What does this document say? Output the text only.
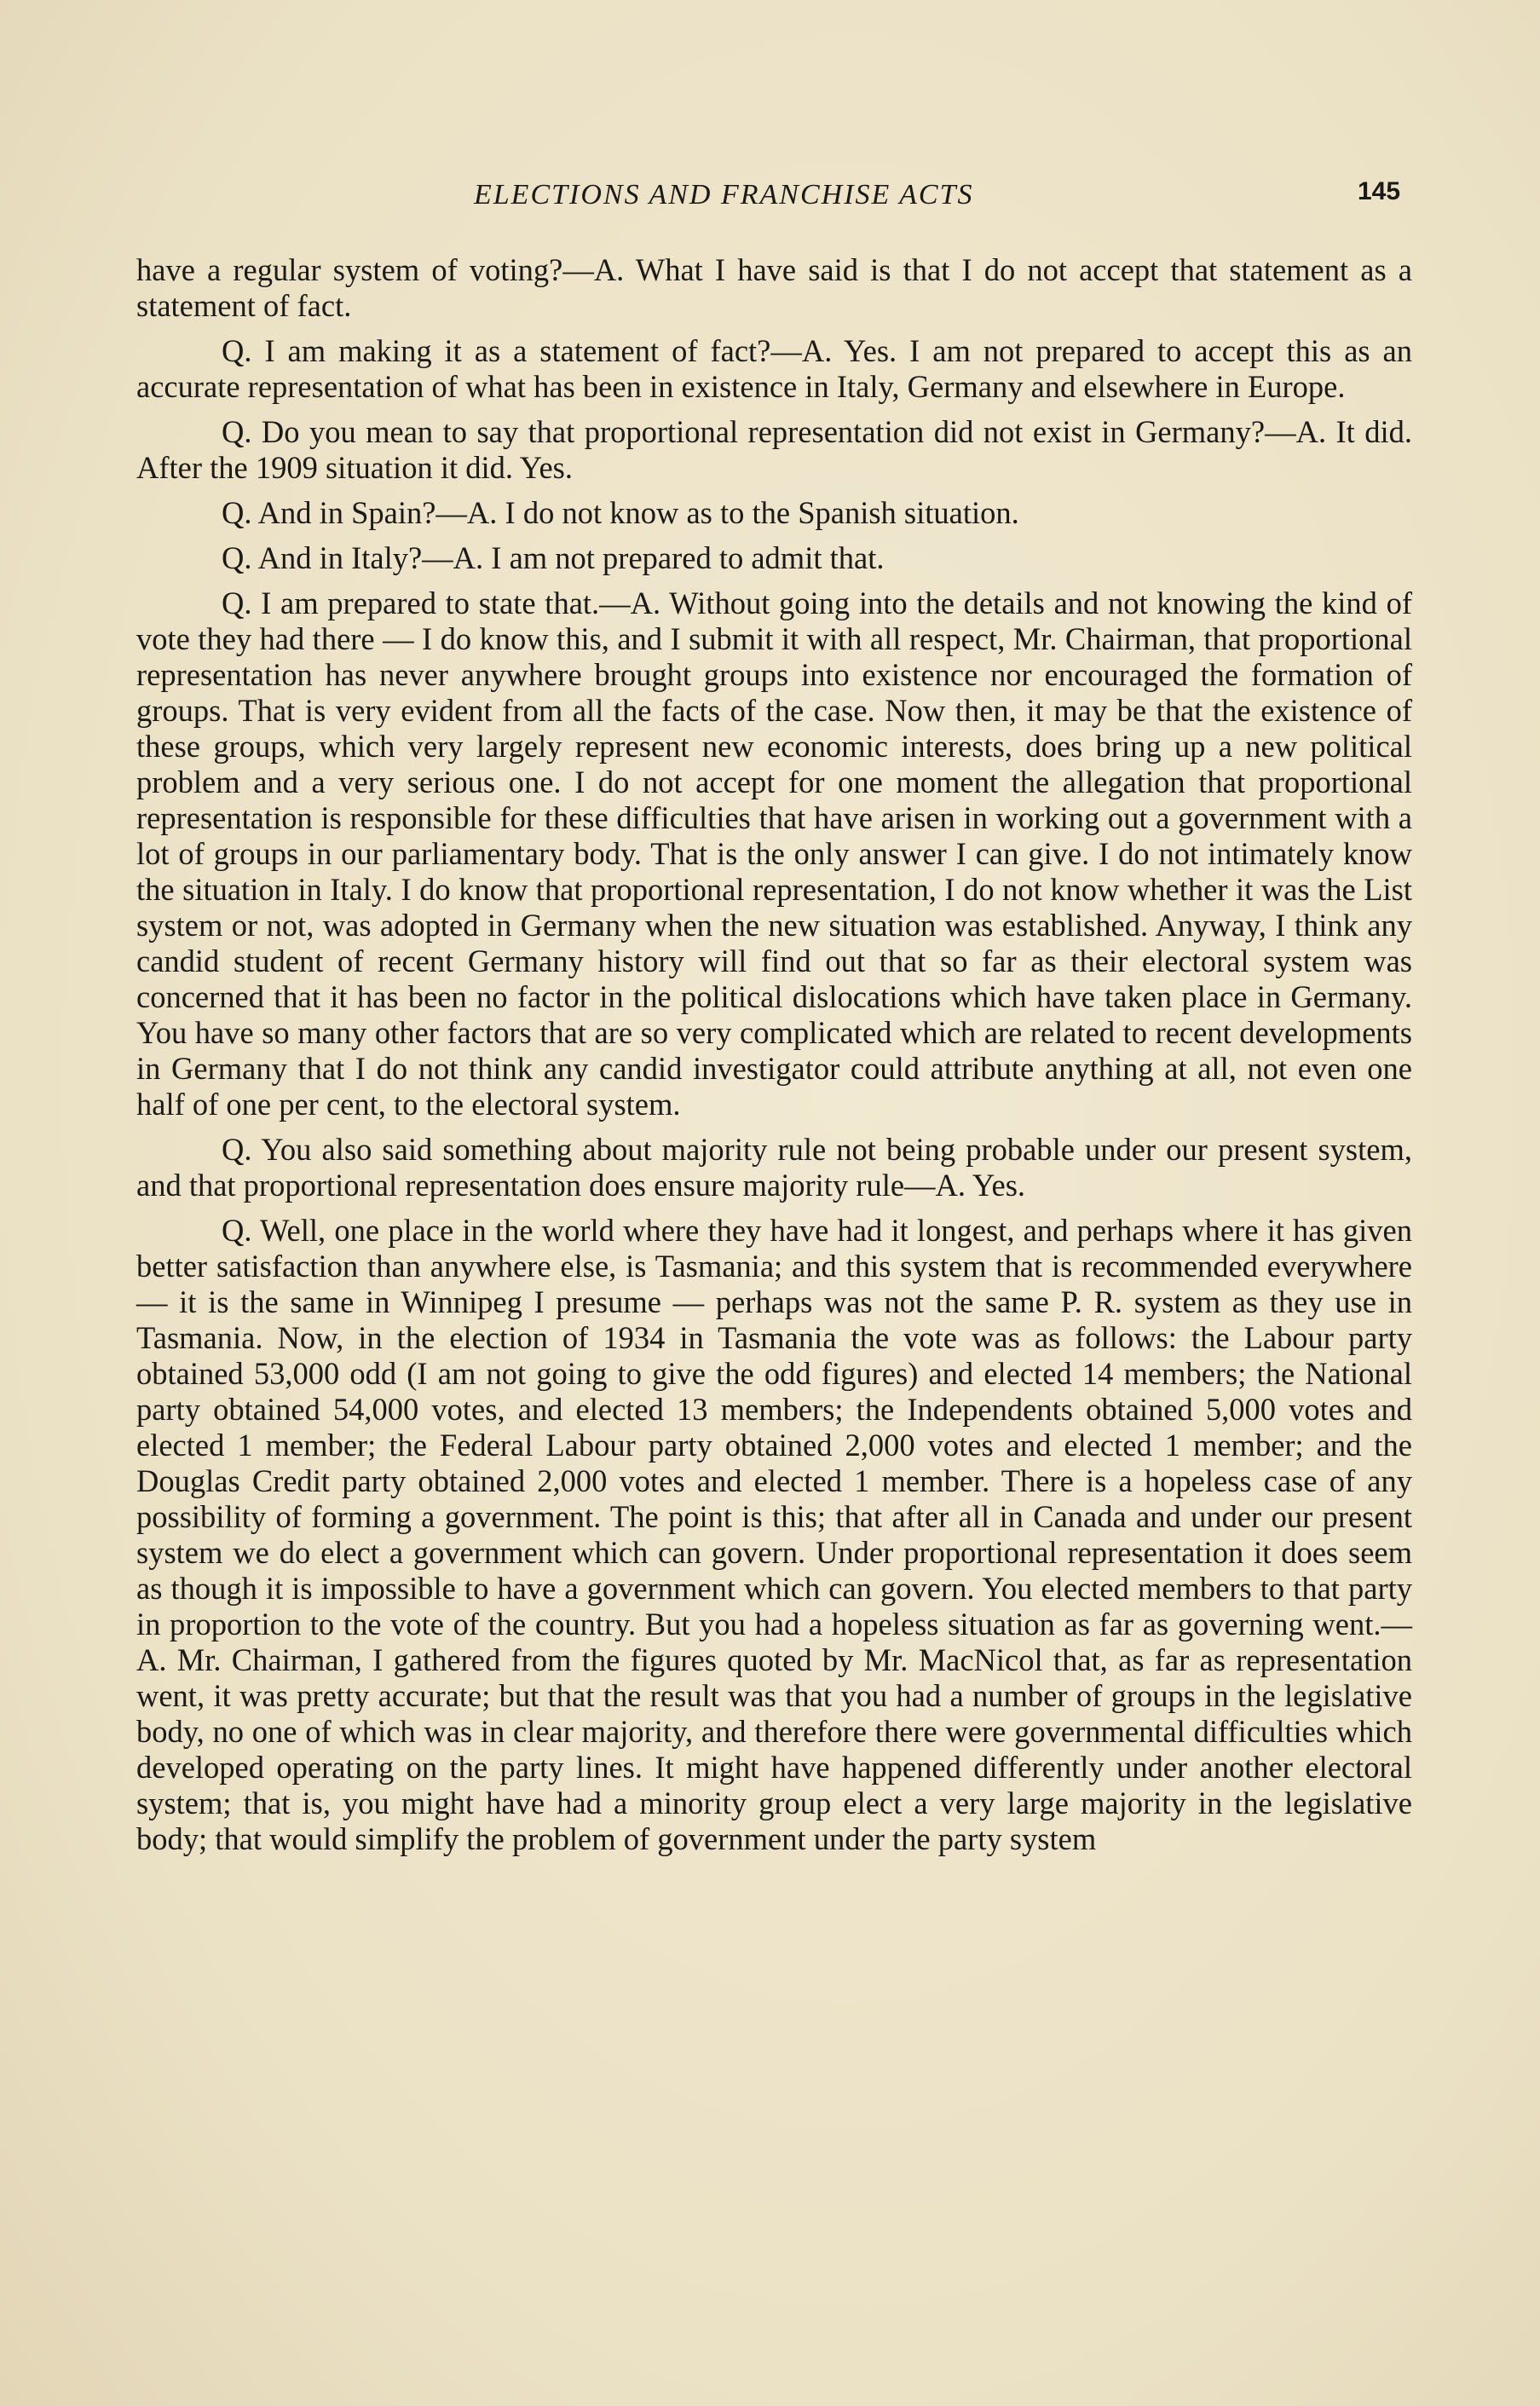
ELECTIONS AND FRANCHISE ACTS	145

have a regular system of voting?—A. What I have said is that I do not accept that statement as a statement of fact.

Q. I am making it as a statement of fact?—A. Yes. I am not prepared to accept this as an accurate representation of what has been in existence in Italy, Germany and elsewhere in Europe.

Q. Do you mean to say that proportional representation did not exist in Germany?—A. It did. After the 1909 situation it did. Yes.

Q. And in Spain?—A. I do not know as to the Spanish situation.

Q. And in Italy?—A. I am not prepared to admit that.

Q. I am prepared to state that.—A. Without going into the details and not knowing the kind of vote they had there — I do know this, and I submit it with all respect, Mr. Chairman, that proportional representation has never anywhere brought groups into existence nor encouraged the formation of groups. That is very evident from all the facts of the case. Now then, it may be that the existence of these groups, which very largely represent new economic interests, does bring up a new political problem and a very serious one. I do not accept for one moment the allegation that proportional representation is responsible for these difficulties that have arisen in working out a government with a lot of groups in our parliamentary body. That is the only answer I can give. I do not intimately know the situation in Italy. I do know that proportional representation, I do not know whether it was the List system or not, was adopted in Germany when the new situation was established. Anyway, I think any candid student of recent Germany history will find out that so far as their electoral system was concerned that it has been no factor in the political dislocations which have taken place in Germany. You have so many other factors that are so very complicated which are related to recent developments in Germany that I do not think any candid investigator could attribute anything at all, not even one half of one per cent, to the electoral system.

Q. You also said something about majority rule not being probable under our present system, and that proportional representation does ensure majority rule—A. Yes.

Q. Well, one place in the world where they have had it longest, and perhaps where it has given better satisfaction than anywhere else, is Tasmania; and this system that is recommended everywhere — it is the same in Winnipeg I presume — perhaps was not the same P. R. system as they use in Tasmania. Now, in the election of 1934 in Tasmania the vote was as follows: the Labour party obtained 53,000 odd (I am not going to give the odd figures) and elected 14 members; the National party obtained 54,000 votes, and elected 13 members; the Independents obtained 5,000 votes and elected 1 member; the Federal Labour party obtained 2,000 votes and elected 1 member; and the Douglas Credit party obtained 2,000 votes and elected 1 member. There is a hopeless case of any possibility of forming a government. The point is this; that after all in Canada and under our present system we do elect a government which can govern. Under proportional representation it does seem as though it is impossible to have a government which can govern. You elected members to that party in proportion to the vote of the country. But you had a hopeless situation as far as governing went.—A. Mr. Chairman, I gathered from the figures quoted by Mr. MacNicol that, as far as representation went, it was pretty accurate; but that the result was that you had a number of groups in the legislative body, no one of which was in clear majority, and therefore there were governmental difficulties which developed operating on the party lines. It might have happened differently under another electoral system; that is, you might have had a minority group elect a very large majority in the legislative body; that would simplify the problem of government under the party system
